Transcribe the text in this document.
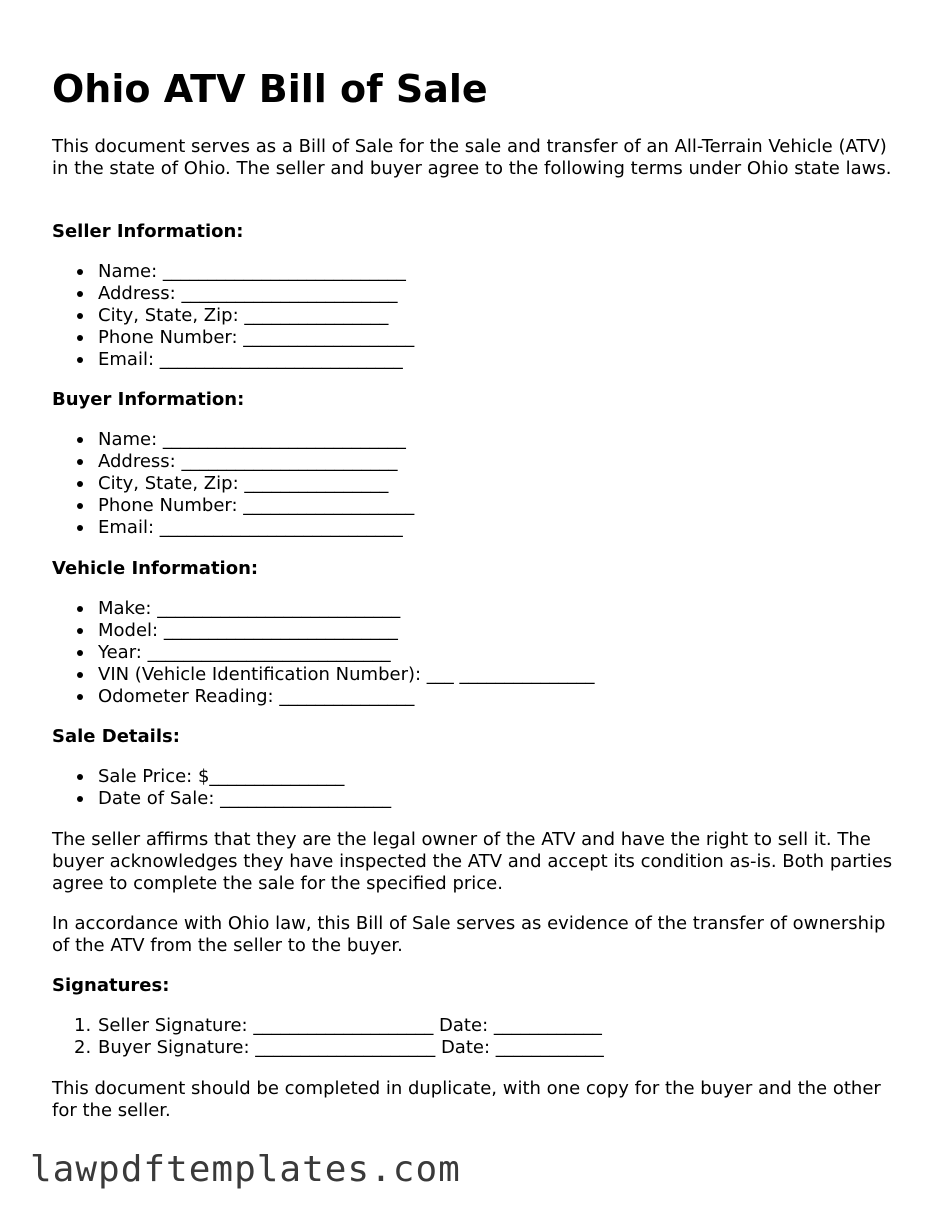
Ohio ATV Bill of Sale

This document serves as a Bill of Sale for the sale and transfer of an All-Terrain Vehicle (ATV) in the state of Ohio. The seller and buyer agree to the following terms under Ohio state laws.

Seller Information:

Name: ___________________________
Address: ________________________
City, State, Zip: ________________
Phone Number: ___________________
Email: ___________________________

Buyer Information:

Name: ___________________________
Address: ________________________
City, State, Zip: ________________
Phone Number: ___________________
Email: ___________________________

Vehicle Information:

Make: ___________________________
Model: __________________________
Year: ___________________________
VIN (Vehicle Identification Number): ___ _______________
Odometer Reading: _______________

Sale Details:

Sale Price: $_______________
Date of Sale: ___________________

The seller affirms that they are the legal owner of the ATV and have the right to sell it. The buyer acknowledges they have inspected the ATV and accept its condition as-is. Both parties agree to complete the sale for the specified price.

In accordance with Ohio law, this Bill of Sale serves as evidence of the transfer of ownership of the ATV from the seller to the buyer.

Signatures:

1. Seller Signature: ____________________ Date: ____________
2. Buyer Signature: ____________________ Date: ____________

This document should be completed in duplicate, with one copy for the buyer and the other for the seller.

lawpdftemplates.com
